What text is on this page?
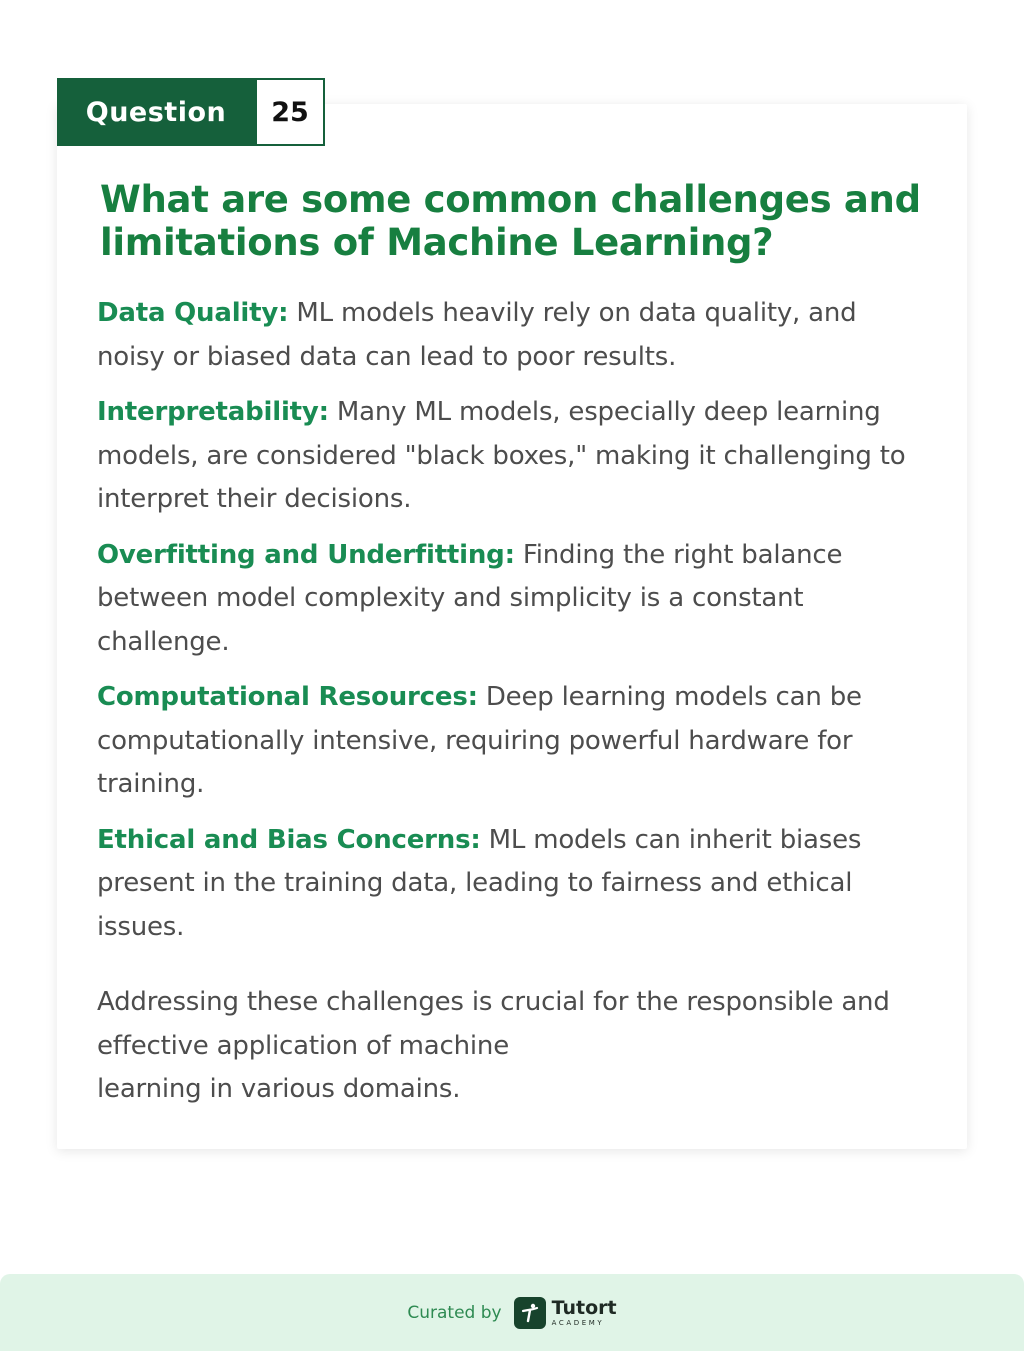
Question	25
What are some common challenges and limitations of Machine Learning?

Data Quality: ML models heavily rely on data quality, and noisy or biased data can lead to poor results.

Interpretability: Many ML models, especially deep learning models, are considered "black boxes," making it challenging to interpret their decisions.

Overfitting and Underfitting: Finding the right balance between model complexity and simplicity is a constant challenge.

Computational Resources: Deep learning models can be computationally intensive, requiring powerful hardware for training.

Ethical and Bias Concerns: ML models can inherit biases present in the training data, leading to fairness and ethical issues.

Addressing these challenges is crucial for the responsible and effective application of machine
learning in various domains.

Curated by	Tutort
ACADEMY
